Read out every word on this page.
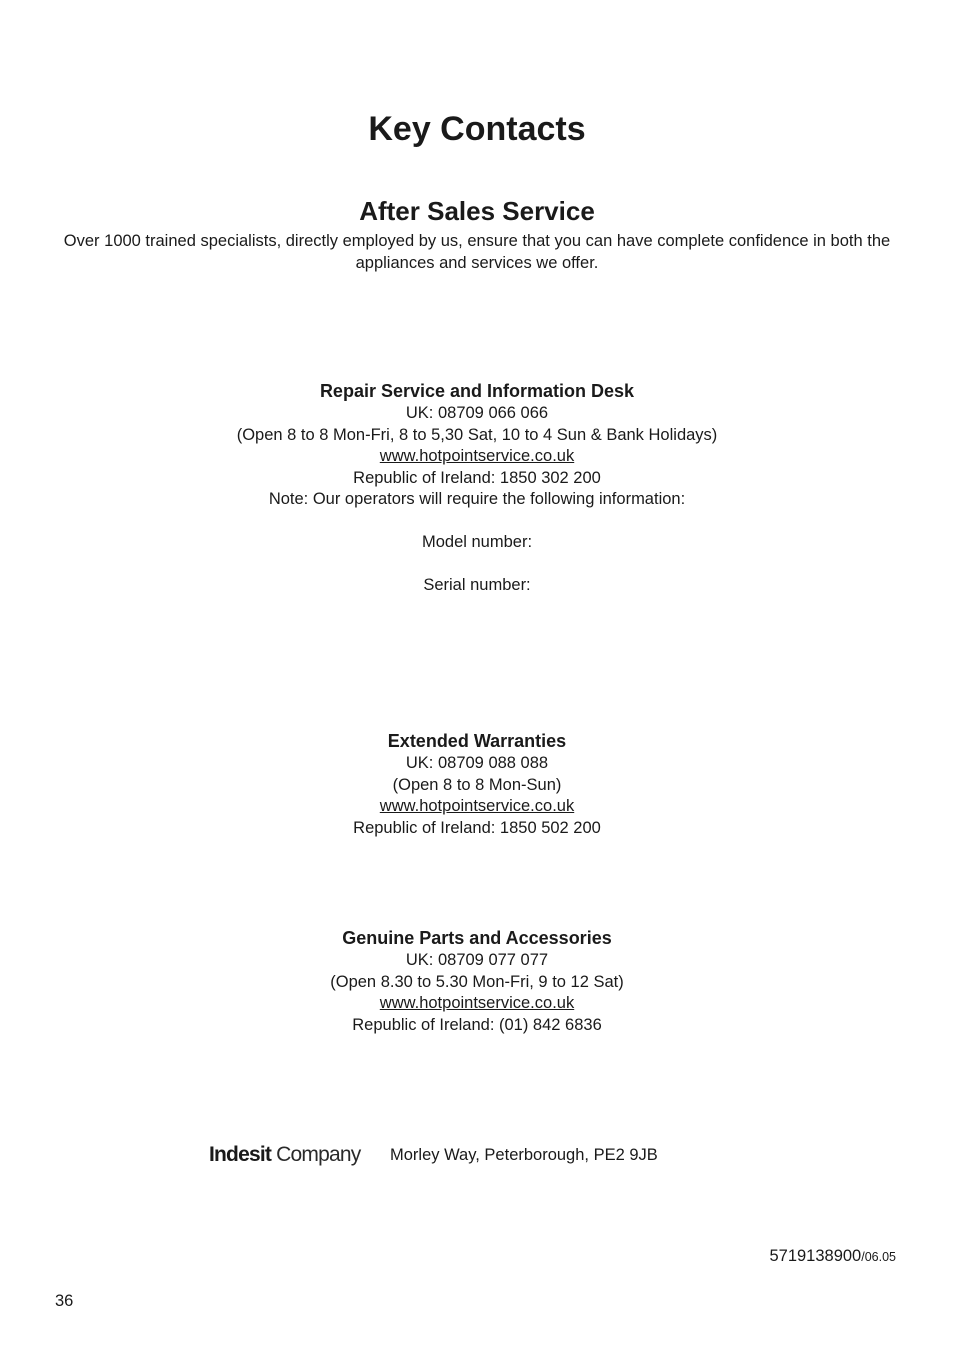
Key Contacts
After Sales Service
Over 1000 trained specialists, directly employed by us, ensure that you can have complete confidence in both the appliances and services we offer.
Repair Service and Information Desk
UK: 08709 066 066
(Open 8 to 8 Mon-Fri, 8 to 5,30 Sat, 10 to 4 Sun & Bank Holidays)
www.hotpointservice.co.uk
Republic of Ireland: 1850 302 200
Note: Our operators will require the following information:
Model number:
Serial number:
Extended Warranties
UK: 08709 088 088
(Open 8 to 8 Mon-Sun)
www.hotpointservice.co.uk
Republic of Ireland: 1850 502 200
Genuine Parts and Accessories
UK: 08709 077 077
(Open 8.30 to 5.30 Mon-Fri, 9 to 12 Sat)
www.hotpointservice.co.uk
Republic of Ireland: (01) 842 6836
Indesit Company Morley Way, Peterborough, PE2 9JB
5719138900/06.05
36
